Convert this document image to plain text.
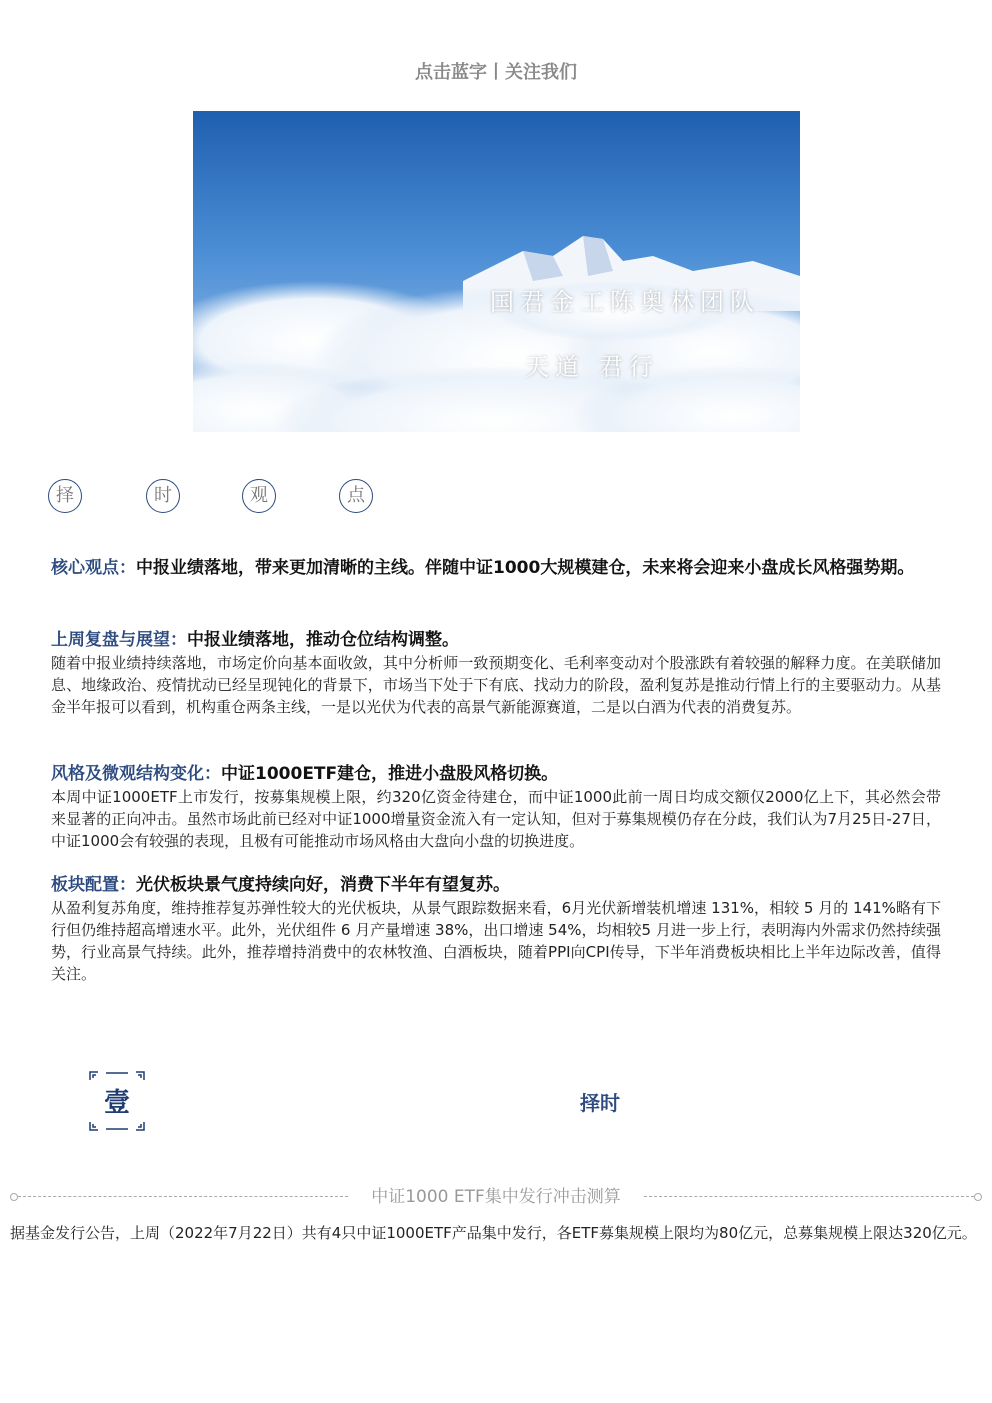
点击蓝字丨关注我们
国君金工陈奥林团队
天道 君行
择	时	观	点
核心观点：中报业绩落地，带来更加清晰的主线。伴随中证1000大规模建仓，未来将会迎来小盘成长风格强势期。
上周复盘与展望：中报业绩落地，推动仓位结构调整。
随着中报业绩持续落地，市场定价向基本面收敛，其中分析师一致预期变化、毛利率变动对个股涨跌有着较强的解释力度。在美联储加息、地缘政治、疫情扰动已经呈现钝化的背景下，市场当下处于下有底、找动力的阶段，盈利复苏是推动行情上行的主要驱动力。从基金半年报可以看到，机构重仓两条主线，一是以光伏为代表的高景气新能源赛道，二是以白酒为代表的消费复苏。
风格及微观结构变化：中证1000ETF建仓，推进小盘股风格切换。
本周中证1000ETF上市发行，按募集规模上限，约320亿资金待建仓，而中证1000此前一周日均成交额仅2000亿上下，其必然会带来显著的正向冲击。虽然市场此前已经对中证1000增量资金流入有一定认知，但对于募集规模仍存在分歧，我们认为7月25日-27日，中证1000会有较强的表现，且极有可能推动市场风格由大盘向小盘的切换进度。
板块配置：光伏板块景气度持续向好，消费下半年有望复苏。
从盈利复苏角度，维持推荐复苏弹性较大的光伏板块，从景气跟踪数据来看，6月光伏新增装机增速 131%，相较 5 月的 141%略有下行但仍维持超高增速水平。此外，光伏组件 6 月产量增速 38%，出口增速 54%，均相较5 月进一步上行，表明海内外需求仍然持续强势，行业高景气持续。此外，推荐增持消费中的农林牧渔、白酒板块，随着PPI向CPI传导，下半年消费板块相比上半年边际改善，值得关注。
壹	择时
中证1000 ETF集中发行冲击测算
据基金发行公告，上周（2022年7月22日）共有4只中证1000ETF产品集中发行，各ETF募集规模上限均为80亿元，总募集规模上限达320亿元。
